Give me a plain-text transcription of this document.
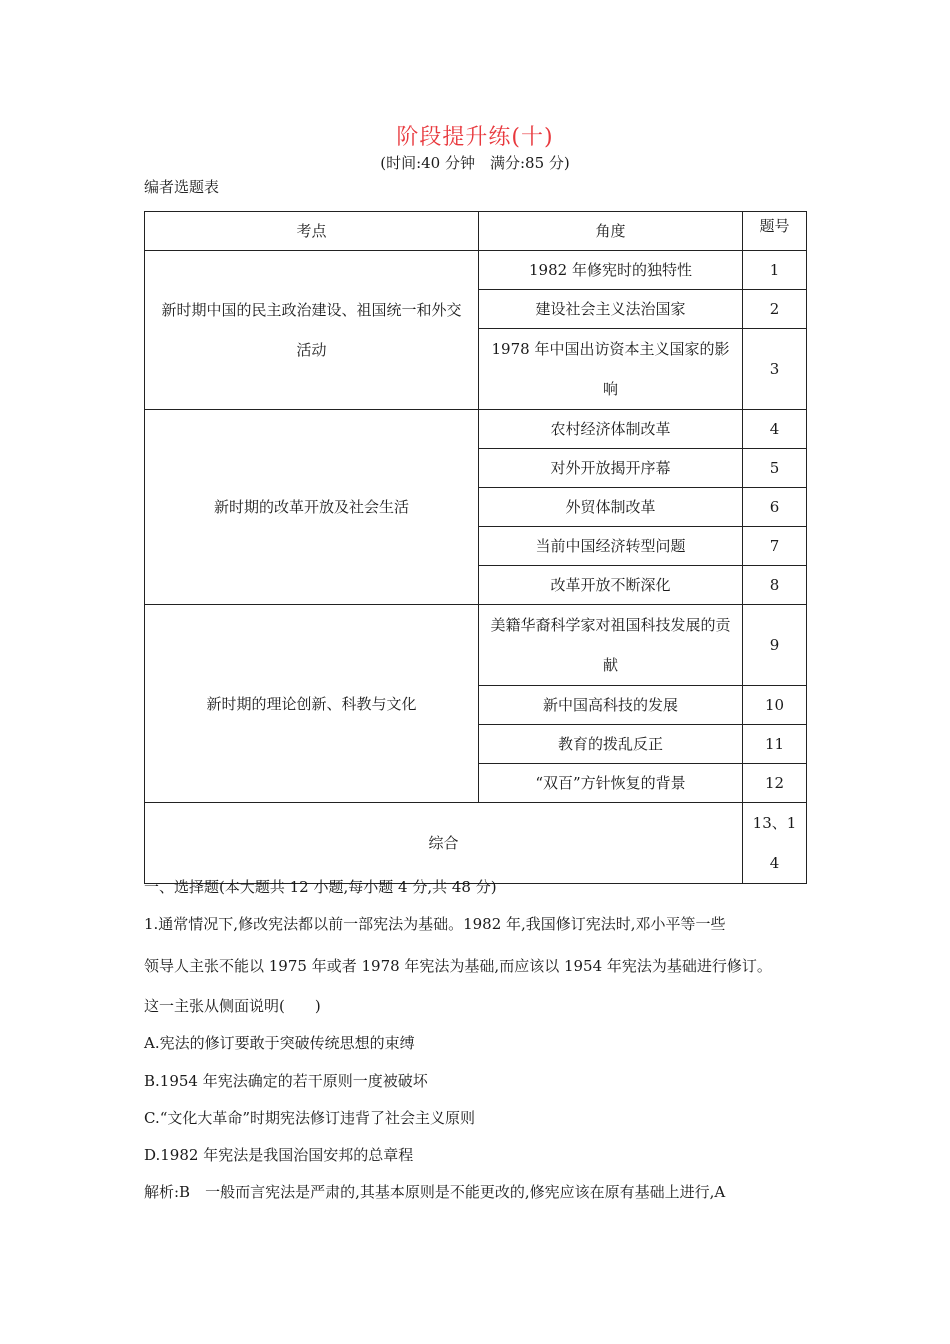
阶段提升练(十)
(时间:40 分钟　满分:85 分)
编者选题表
考点	角度	题号
新时期中国的民主政治建设、祖国统一和外交活动	1982 年修宪时的独特性	1
	建设社会主义法治国家	2
	1978 年中国出访资本主义国家的影响	3
新时期的改革开放及社会生活	农村经济体制改革	4
	对外开放揭开序幕	5
	外贸体制改革	6
	当前中国经济转型问题	7
	改革开放不断深化	8
新时期的理论创新、科教与文化	美籍华裔科学家对祖国科技发展的贡献	9
	新中国高科技的发展	10
	教育的拨乱反正	11
	“双百”方针恢复的背景	12
综合		13、14
一、选择题(本大题共 12 小题,每小题 4 分,共 48 分)
1.通常情况下,修改宪法都以前一部宪法为基础。1982 年,我国修订宪法时,邓小平等一些
领导人主张不能以 1975 年或者 1978 年宪法为基础,而应该以 1954 年宪法为基础进行修订。
这一主张从侧面说明(　　)
A.宪法的修订要敢于突破传统思想的束缚
B.1954 年宪法确定的若干原则一度被破坏
C.“文化大革命”时期宪法修订违背了社会主义原则
D.1982 年宪法是我国治国安邦的总章程
解析:B　一般而言宪法是严肃的,其基本原则是不能更改的,修宪应该在原有基础上进行,A
